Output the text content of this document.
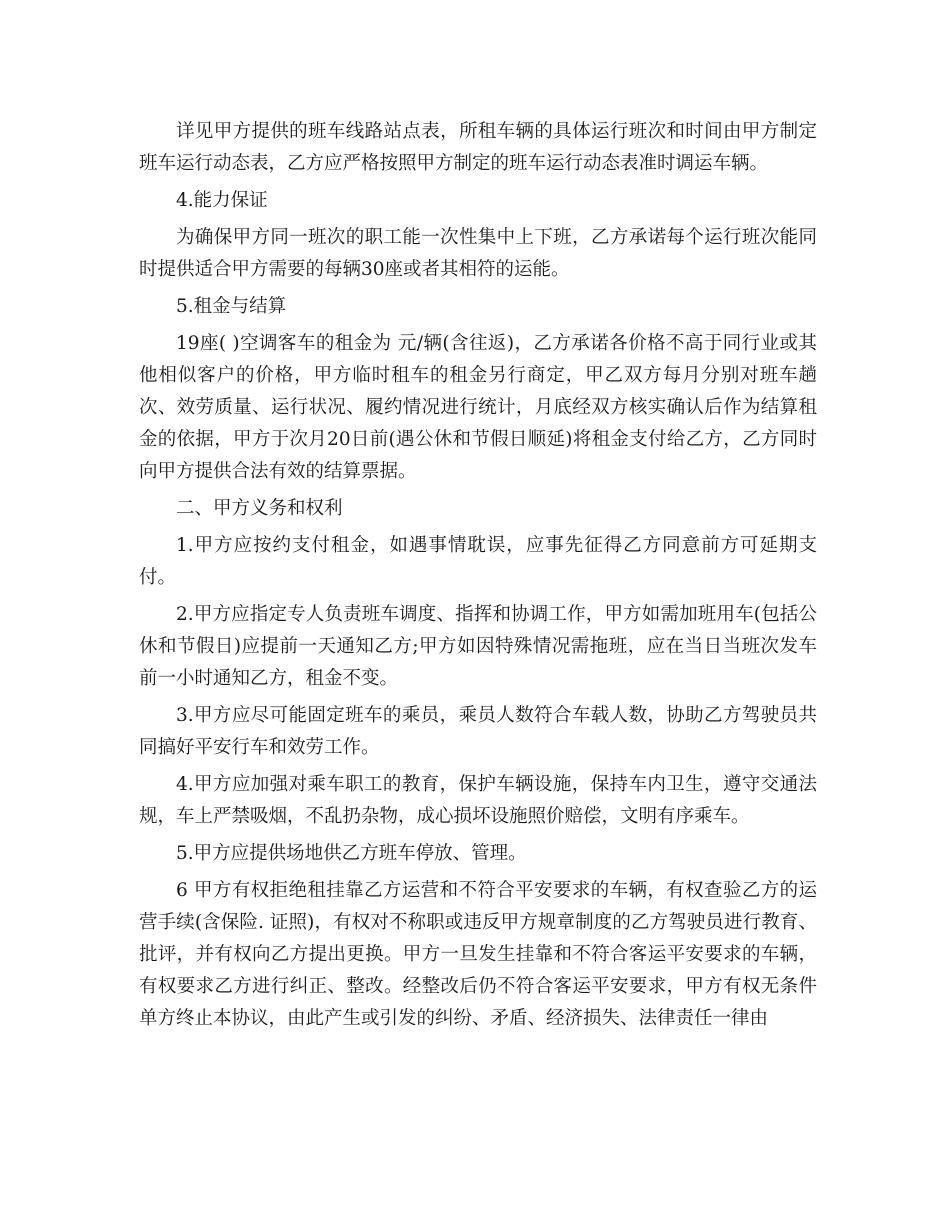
详见甲方提供的班车线路站点表，所租车辆的具体运行班次和时间由甲方制定班车运行动态表，乙方应严格按照甲方制定的班车运行动态表准时调运车辆。

4.能力保证

为确保甲方同一班次的职工能一次性集中上下班，乙方承诺每个运行班次能同时提供适合甲方需要的每辆30座或者其相符的运能。

5.租金与结算

19座( )空调客车的租金为 元/辆(含往返)，乙方承诺各价格不高于同行业或其他相似客户的价格，甲方临时租车的租金另行商定，甲乙双方每月分别对班车趟次、效劳质量、运行状况、履约情况进行统计，月底经双方核实确认后作为结算租金的依据，甲方于次月20日前(遇公休和节假日顺延)将租金支付给乙方，乙方同时向甲方提供合法有效的结算票据。

二、甲方义务和权利

1.甲方应按约支付租金，如遇事情耽误，应事先征得乙方同意前方可延期支付。

2.甲方应指定专人负责班车调度、指挥和协调工作，甲方如需加班用车(包括公休和节假日)应提前一天通知乙方;甲方如因特殊情况需拖班，应在当日当班次发车前一小时通知乙方，租金不变。

3.甲方应尽可能固定班车的乘员，乘员人数符合车载人数，协助乙方驾驶员共同搞好平安行车和效劳工作。

4.甲方应加强对乘车职工的教育，保护车辆设施，保持车内卫生，遵守交通法规，车上严禁吸烟，不乱扔杂物，成心损坏设施照价赔偿，文明有序乘车。

5.甲方应提供场地供乙方班车停放、管理。

6 甲方有权拒绝租挂靠乙方运营和不符合平安要求的车辆，有权查验乙方的运营手续(含保险. 证照)，有权对不称职或违反甲方规章制度的乙方驾驶员进行教育、批评，并有权向乙方提出更换。甲方一旦发生挂靠和不符合客运平安要求的车辆，有权要求乙方进行纠正、整改。经整改后仍不符合客运平安要求，甲方有权无条件单方终止本协议，由此产生或引发的纠纷、矛盾、经济损失、法律责任一律由
